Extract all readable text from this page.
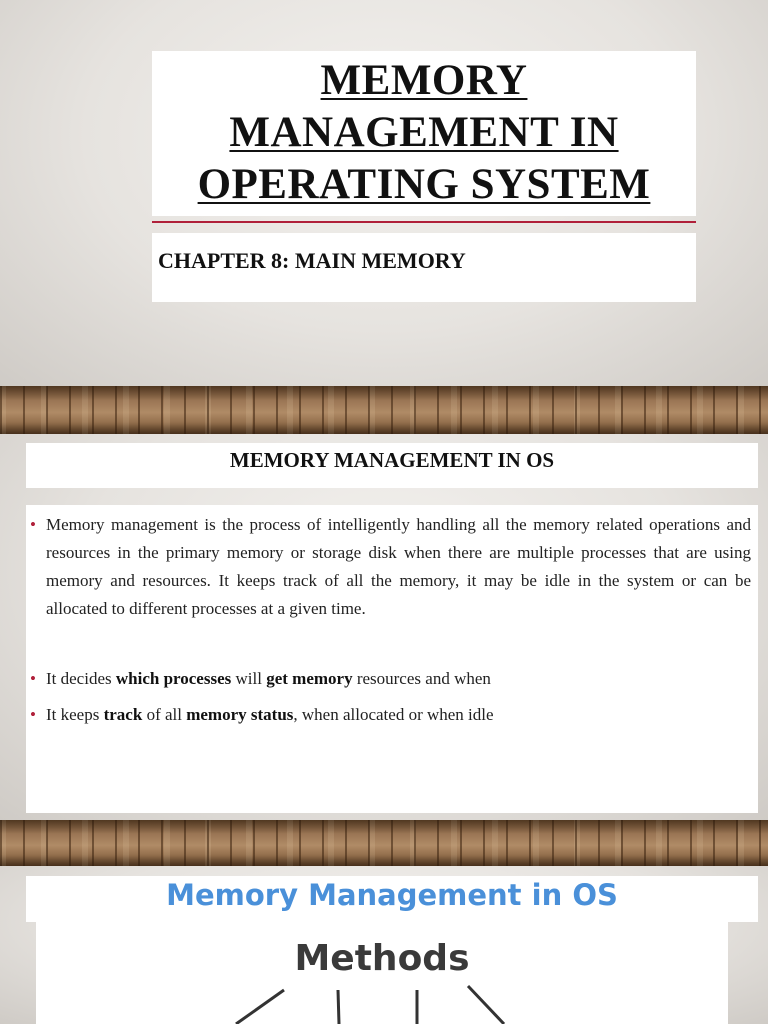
MEMORY
MANAGEMENT IN
OPERATING SYSTEM
CHAPTER 8: MAIN MEMORY
MEMORY MANAGEMENT IN OS
• Memory management is the process of intelligently handling all the memory related operations and resources in the primary memory or storage disk when there are multiple processes that are using memory and resources. It keeps track of all the memory, it may be idle in the system or can be allocated to different processes at a given time.
• It decides which processes will get memory resources and when
• It keeps track of all memory status, when allocated or when idle
Memory Management in OS
Methods
